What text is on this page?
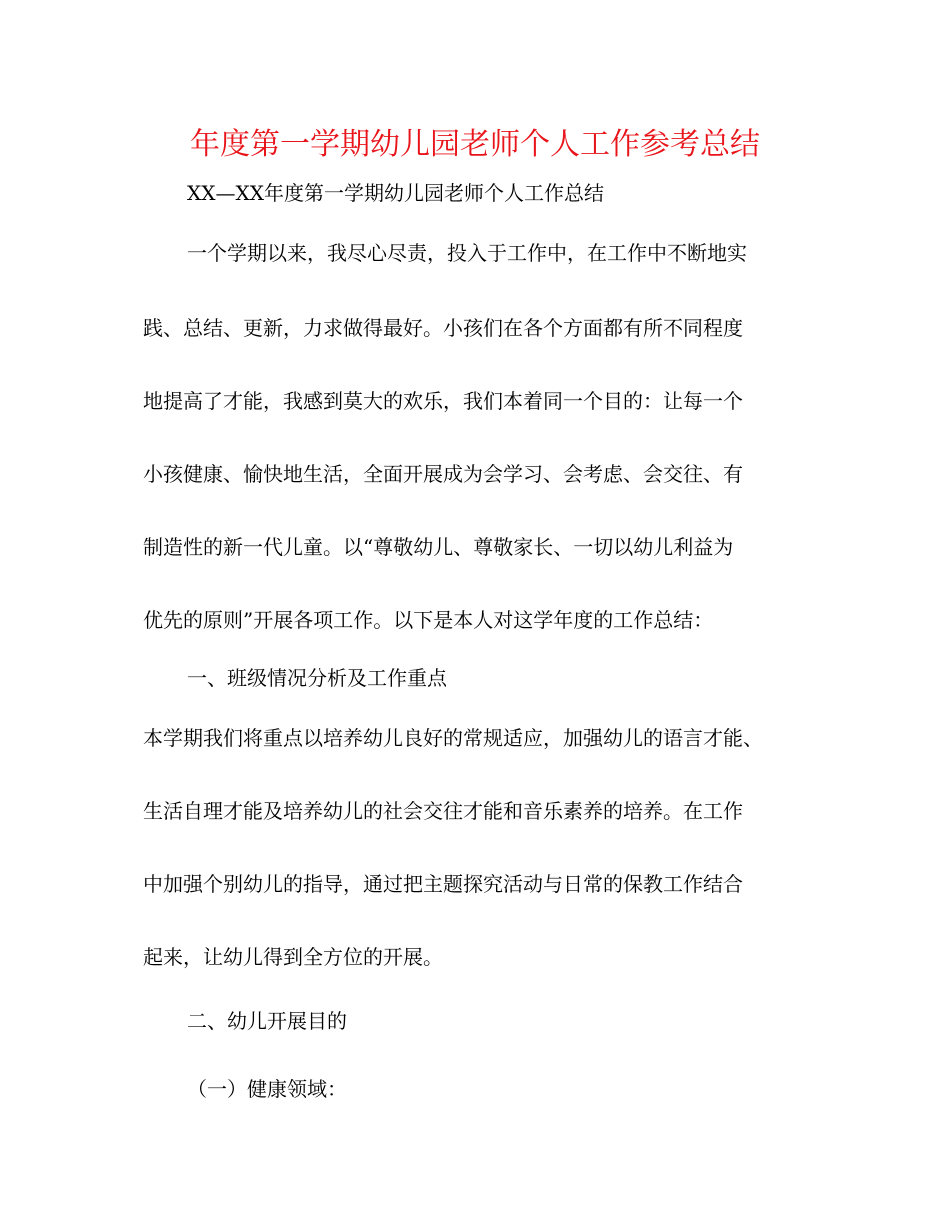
年度第一学期幼儿园老师个人工作参考总结

XX—XX年度第一学期幼儿园老师个人工作总结

一个学期以来，我尽心尽责，投入于工作中，在工作中不断地实

践、总结、更新，力求做得最好。小孩们在各个方面都有所不同程度

地提高了才能，我感到莫大的欢乐，我们本着同一个目的：让每一个

小孩健康、愉快地生活，全面开展成为会学习、会考虑、会交往、有

制造性的新一代儿童。以“尊敬幼儿、尊敬家长、一切以幼儿利益为

优先的原则”开展各项工作。以下是本人对这学年度的工作总结：

一、班级情况分析及工作重点

本学期我们将重点以培养幼儿良好的常规适应，加强幼儿的语言才能、

生活自理才能及培养幼儿的社会交往才能和音乐素养的培养。在工作

中加强个别幼儿的指导，通过把主题探究活动与日常的保教工作结合

起来，让幼儿得到全方位的开展。

二、幼儿开展目的

（一）健康领域：
